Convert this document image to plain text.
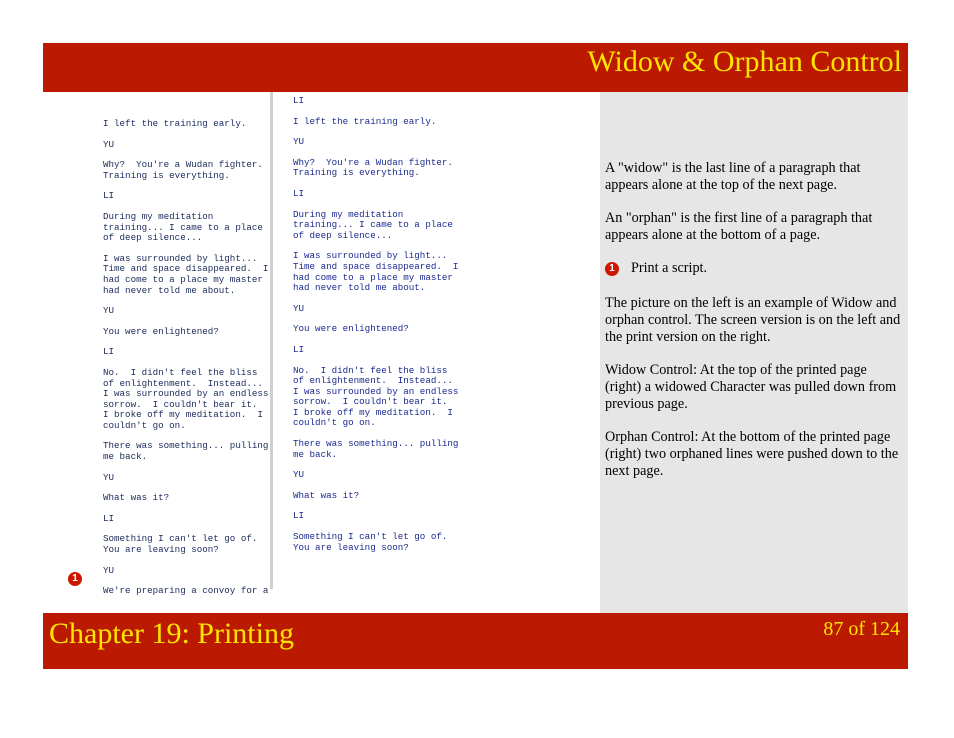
Widow & Orphan Control
I left the training early.
YU
Why?  You're a Wudan fighter.
Training is everything.
LI
During my meditation
training... I came to a place
of deep silence...
I was surrounded by light...
Time and space disappeared.  I
had come to a place my master
had never told me about.
YU
You were enlightened?
LI
No.  I didn't feel the bliss
of enlightenment.  Instead...
I was surrounded by an endless
sorrow.  I couldn't bear it.
I broke off my meditation.  I
couldn't go on.
There was something... pulling
me back.
YU
What was it?
LI
Something I can't let go of.
You are leaving soon?
YU
We're preparing a convoy for a
LI
I left the training early.
YU
Why?  You're a Wudan fighter.
Training is everything.
LI
During my meditation
training... I came to a place
of deep silence...
I was surrounded by light...
Time and space disappeared.  I
had come to a place my master
had never told me about.
YU
You were enlightened?
LI
No.  I didn't feel the bliss
of enlightenment.  Instead...
I was surrounded by an endless
sorrow.  I couldn't bear it.
I broke off my meditation.  I
couldn't go on.
There was something... pulling
me back.
YU
What was it?
LI
Something I can't let go of.
You are leaving soon?
1

A "widow" is the last line of a paragraph that appears alone at the top of the next page.

An "orphan" is the first line of a paragraph that appears alone at the bottom of a page.

1 Print a script.

The picture on the left is an example of Widow and orphan control. The screen version is on the left and the print version on the right.

Widow Control: At the top of the printed page (right) a widowed Character was pulled down from previous page.

Orphan Control: At the bottom of the printed page (right) two orphaned lines were pushed down to the next page.

Chapter 19: Printing	87 of 124
